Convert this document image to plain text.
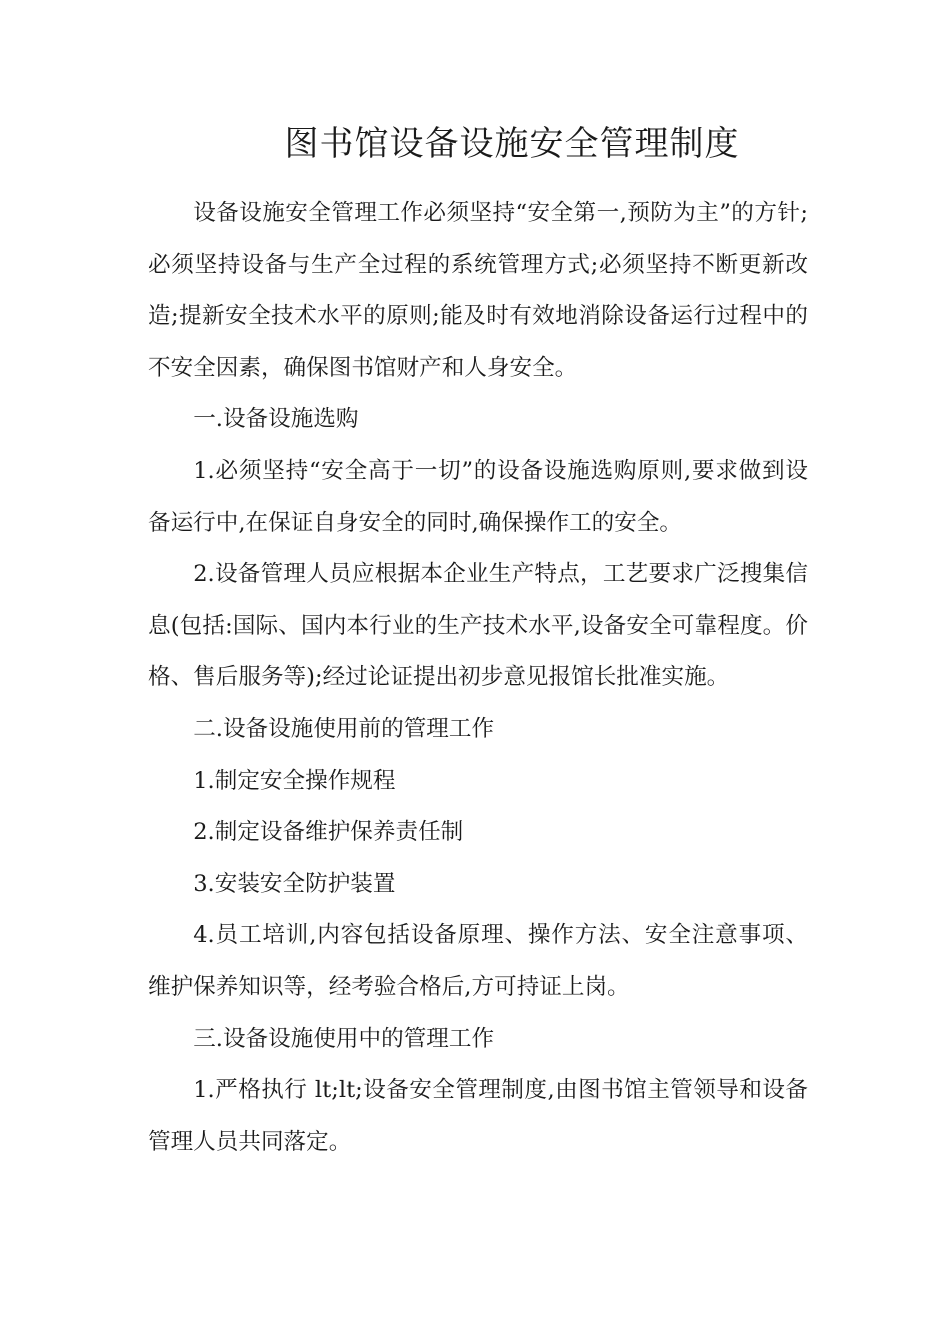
图书馆设备设施安全管理制度

设备设施安全管理工作必须坚持“安全第一,预防为主”的方针;必须坚持设备与生产全过程的系统管理方式;必须坚持不断更新改造;提新安全技术水平的原则;能及时有效地消除设备运行过程中的不安全因素，确保图书馆财产和人身安全。

一.设备设施选购

1.必须坚持“安全高于一切”的设备设施选购原则,要求做到设备运行中,在保证自身安全的同时,确保操作工的安全。

2.设备管理人员应根据本企业生产特点，工艺要求广泛搜集信息(包括:国际、国内本行业的生产技术水平,设备安全可靠程度。价格、售后服务等);经过论证提出初步意见报馆长批准实施。

二.设备设施使用前的管理工作

1.制定安全操作规程

2.制定设备维护保养责任制

3.安装安全防护装置

4.员工培训,内容包括设备原理、操作方法、安全注意事项、维护保养知识等，经考验合格后,方可持证上岗。

三.设备设施使用中的管理工作

1.严格执行 lt;lt;设备安全管理制度,由图书馆主管领导和设备管理人员共同落定。
